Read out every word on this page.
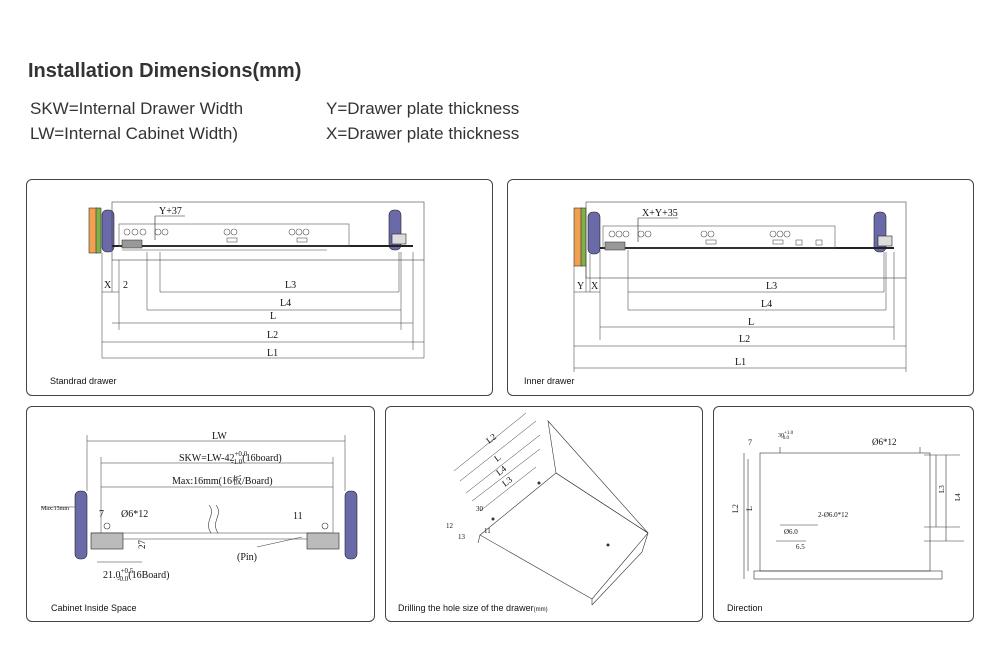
Installation Dimensions(mm)
SKW=Internal Drawer Width
LW=Internal Cabinet Width)
Y=Drawer plate thickness
X=Drawer plate thickness
Y+37
X 2	L3
L4
L
L2
L1
Standrad drawer
X+Y+35
Y X	L3
L4
L
L2
L1
Inner drawer
LW
$SKW=LW-42^{+0.0}$ -1.0(16board)
Max:16mm(16板/Board)
Max:13mm	7 Ø6*12	11
27
(Pin)
$21.0^{+0.5}$ -0.0(16Board)
Cabinet Inside Space
L2
L
L4
L3
30
12
13
11
Drilling the hole size of the drawer(mm)
7
$30^{+1.0}$ -0.0	Ø6*12
L2 L
2-Ø6.0*12
L3
L4
Ø6.0
6.5
Direction
